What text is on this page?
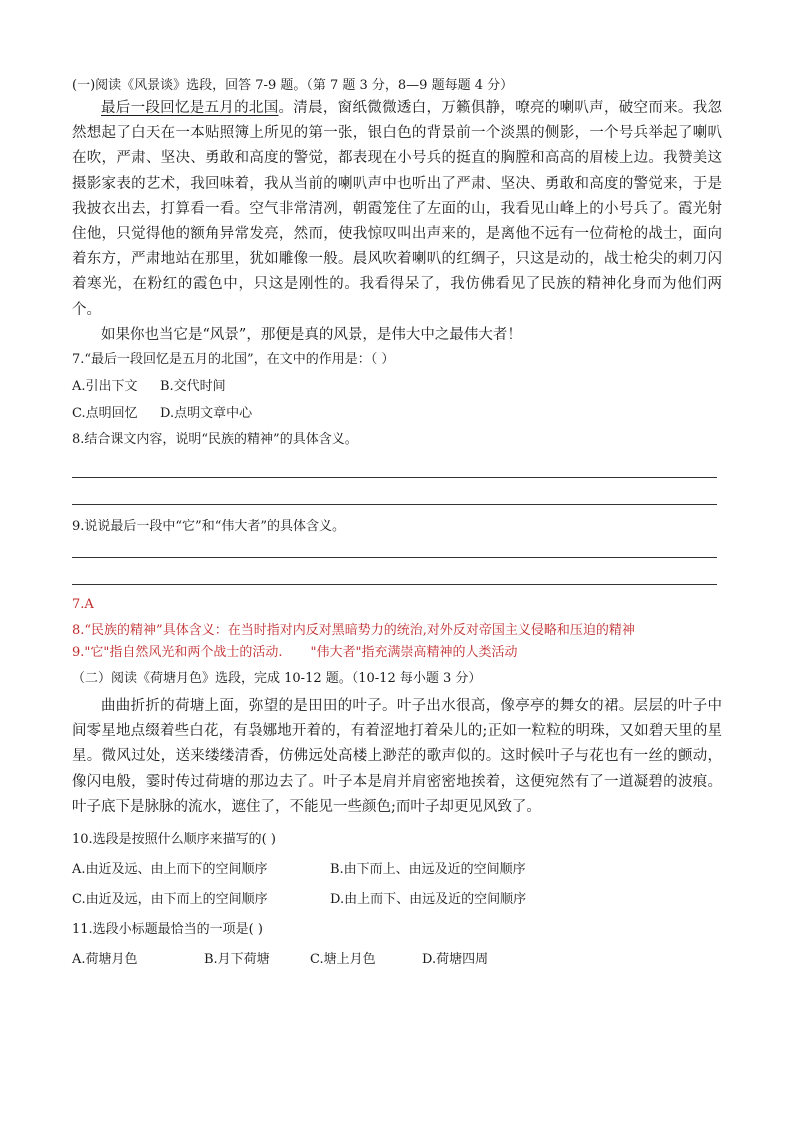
(一)阅读《风景谈》选段，回答 7-9 题。（第 7 题 3 分，8—9 题每题 4 分）

最后一段回忆是五月的北国。清晨，窗纸微微透白，万籁俱静，嘹亮的喇叭声，破空而来。我忽然想起了白天在一本贴照簿上所见的第一张，银白色的背景前一个淡黑的侧影，一个号兵举起了喇叭在吹，严肃、坚决、勇敢和高度的警觉，都表现在小号兵的挺直的胸膛和高高的眉棱上边。我赞美这摄影家表的艺术，我回味着，我从当前的喇叭声中也听出了严肃、坚决、勇敢和高度的警觉来，于是我披衣出去，打算看一看。空气非常清冽，朝霞笼住了左面的山，我看见山峰上的小号兵了。霞光射住他，只觉得他的额角异常发亮，然而，使我惊叹叫出声来的，是离他不远有一位荷枪的战士，面向着东方，严肃地站在那里，犹如雕像一般。晨风吹着喇叭的红绸子，只这是动的，战士枪尖的刺刀闪着寒光，在粉红的霞色中，只这是刚性的。我看得呆了，我仿佛看见了民族的精神化身而为他们两个。

如果你也当它是“风景”，那便是真的风景，是伟大中之最伟大者！

7.“最后一段回忆是五月的北国”，在文中的作用是：（ ）

A.引出下文 B.交代时间

C.点明回忆 D.点明文章中心

8.结合课文内容，说明“民族的精神”的具体含义。

9.说说最后一段中“它”和“伟大者”的具体含义。

7.A

8.“民族的精神”具体含义：在当时指对内反对黑暗势力的统治,对外反对帝国主义侵略和压迫的精神

9."它"指自然风光和两个战士的活动. "伟大者"指充满崇高精神的人类活动

（二）阅读《荷塘月色》选段，完成 10-12 题。（10-12 每小题 3 分）

曲曲折折的荷塘上面，弥望的是田田的叶子。叶子出水很高，像亭亭的舞女的裙。层层的叶子中间零星地点缀着些白花，有袅娜地开着的，有着涩地打着朵儿的;正如一粒粒的明珠，又如碧天里的星星。微风过处，送来缕缕清香，仿佛远处高楼上渺茫的歌声似的。这时候叶子与花也有一丝的颤动，像闪电般，霎时传过荷塘的那边去了。叶子本是肩并肩密密地挨着，这便宛然有了一道凝碧的波痕。叶子底下是脉脉的流水，遮住了，不能见一些颜色;而叶子却更见风致了。

10.选段是按照什么顺序来描写的( )

A.由近及远、由上而下的空间顺序	B.由下而上、由远及近的空间顺序

C.由近及远，由下而上的空间顺序	D.由上而下、由远及近的空间顺序

11.选段小标题最恰当的一项是( )

A.荷塘月色	B.月下荷塘	C.塘上月色	D.荷塘四周
